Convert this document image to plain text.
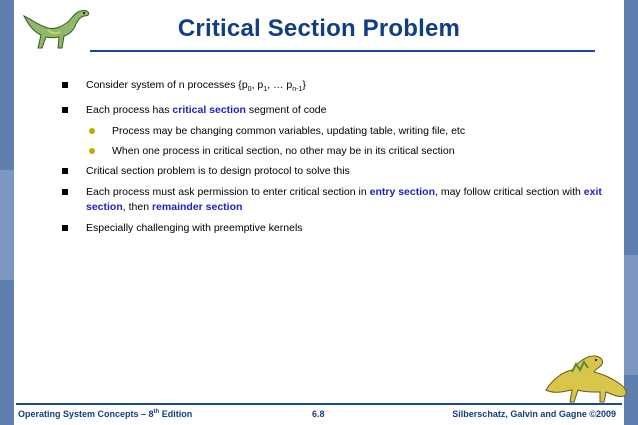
Critical Section Problem
Consider system of n processes {$p_0$, $p_1$, … $p_{n-1}$}
Each process has critical section segment of code
Process may be changing common variables, updating table, writing file, etc
When one process in critical section, no other may be in its critical section
Critical section problem is to design protocol to solve this
Each process must ask permission to enter critical section in entry section, may follow critical section with exit section, then remainder section
Especially challenging with preemptive kernels
Operating System Concepts – 8th Edition	6.8	Silberschatz, Galvin and Gagne ©2009
